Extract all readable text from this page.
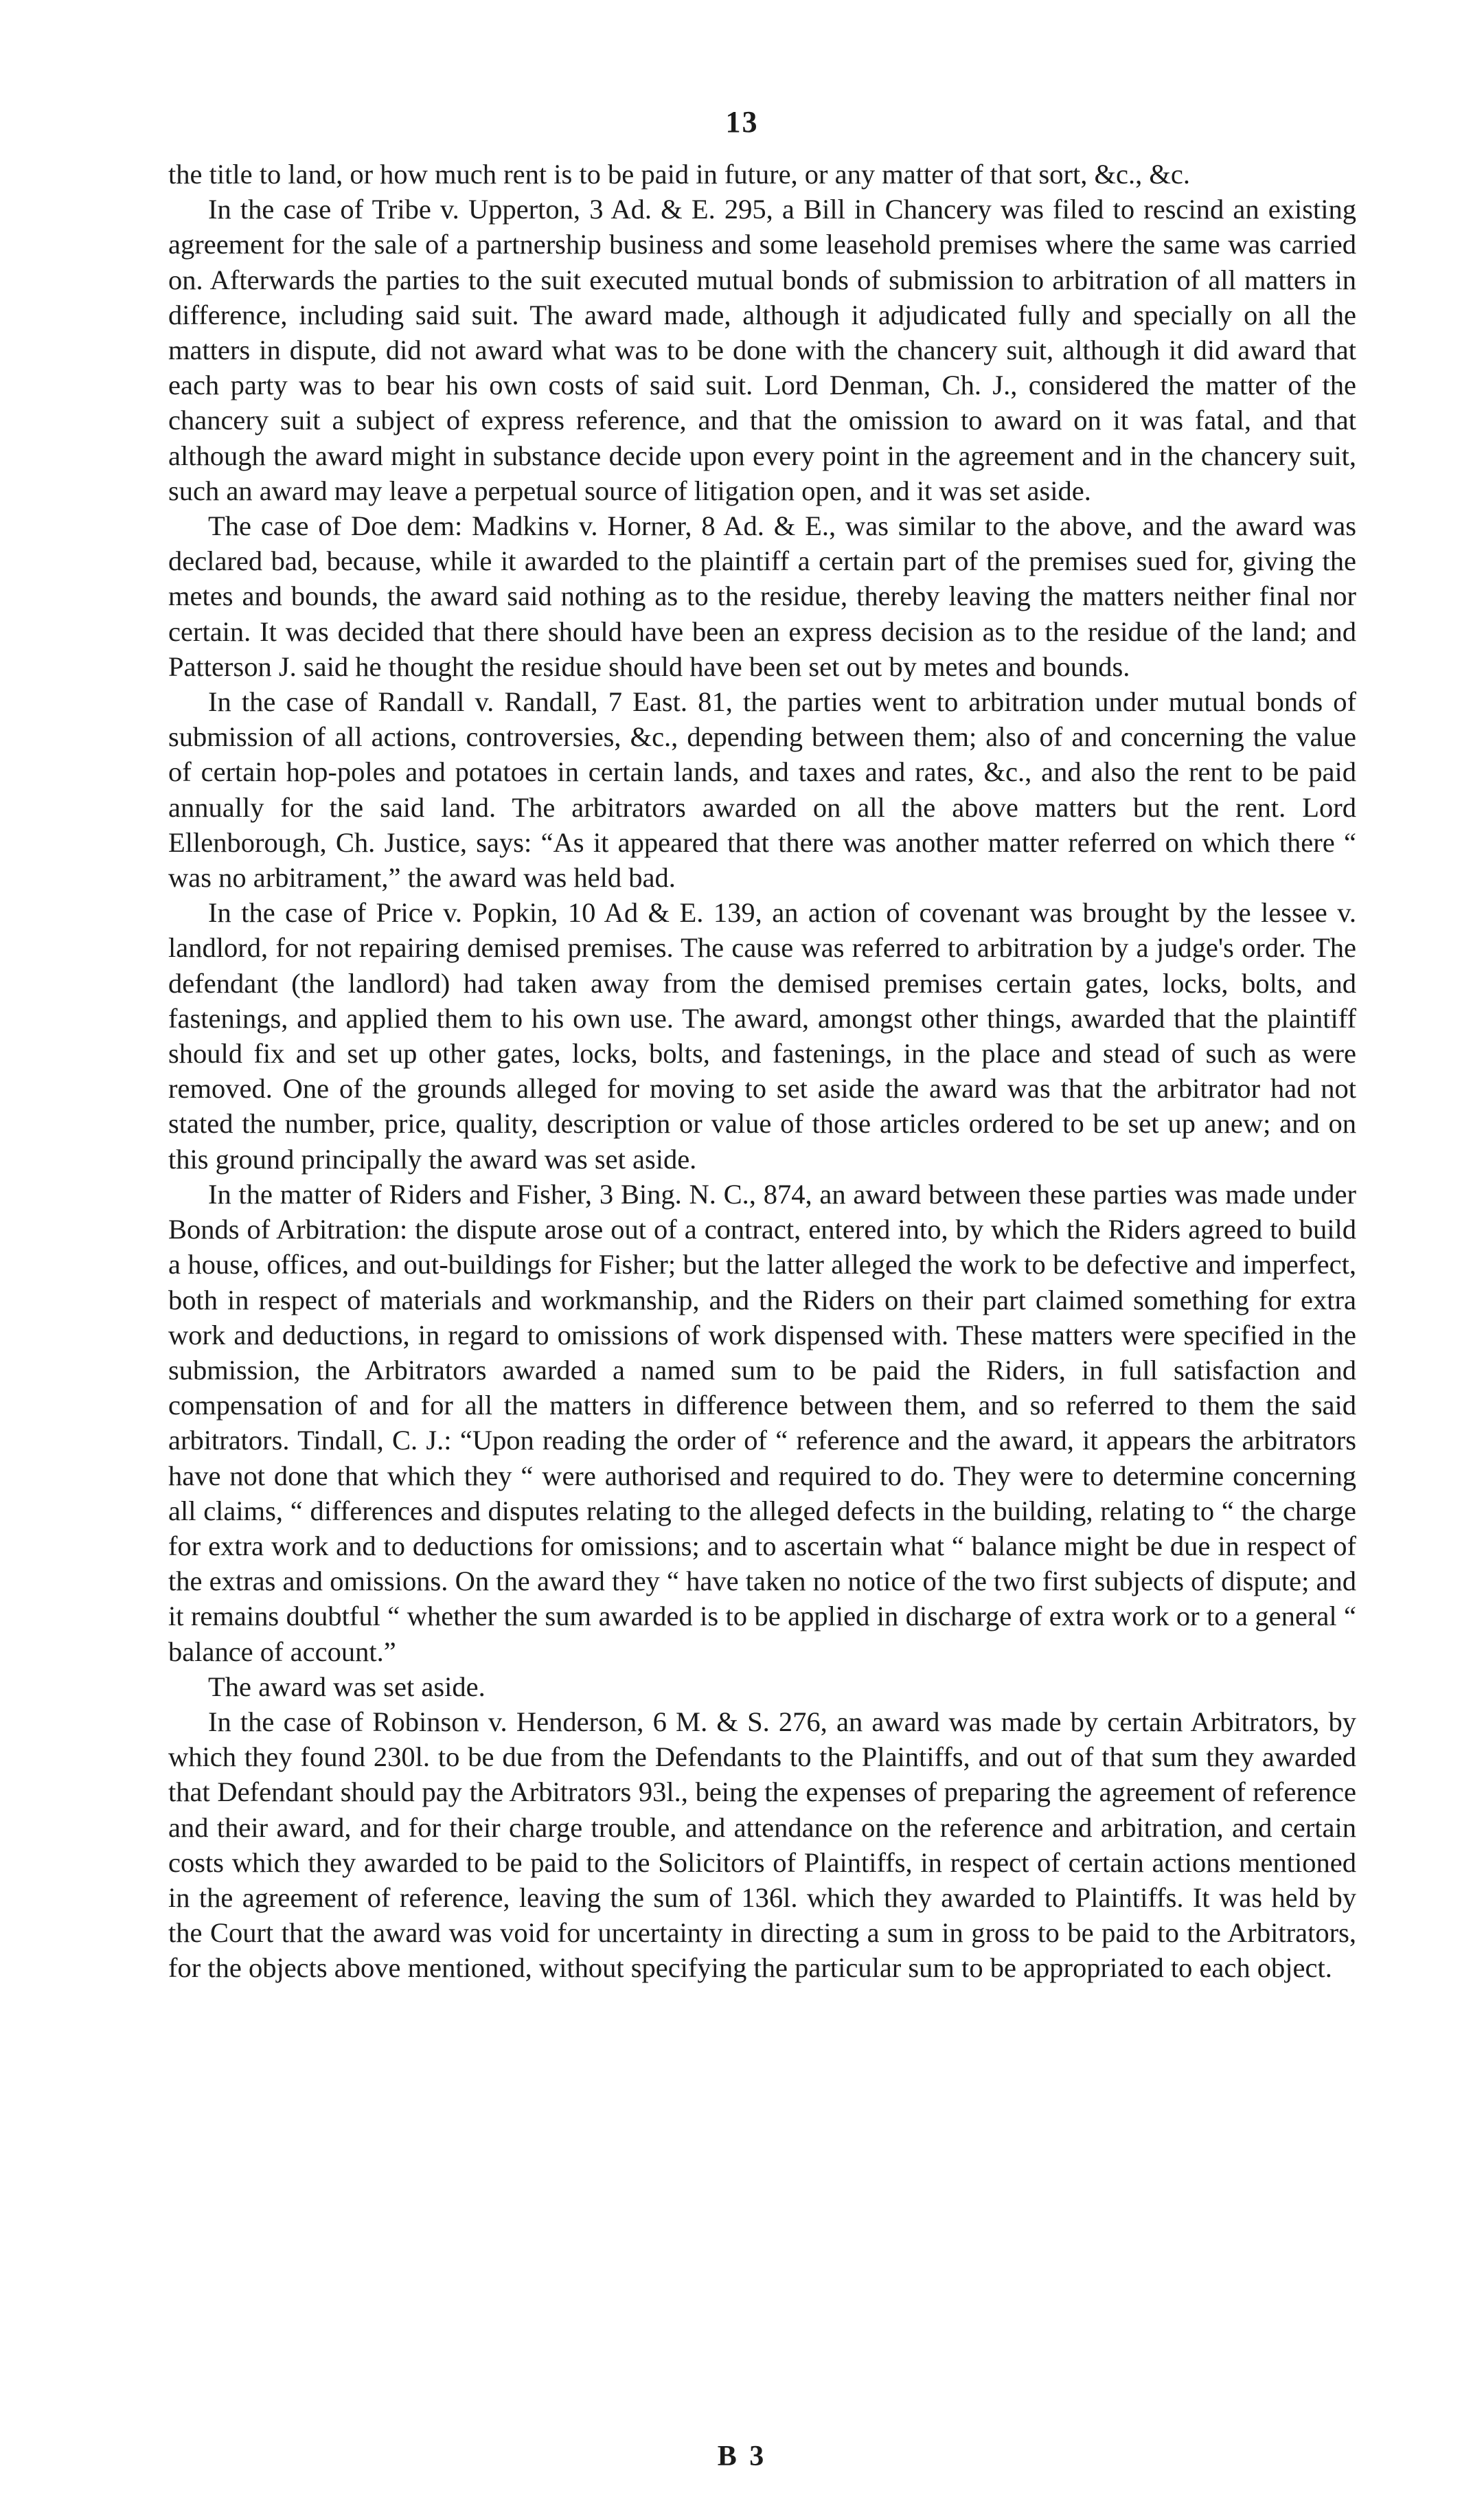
13

the title to land, or how much rent is to be paid in future, or any matter of that sort, &c., &c.

In the case of Tribe v. Upperton, 3 Ad. & E. 295, a Bill in Chancery was filed to rescind an existing agreement for the sale of a partnership business and some leasehold premises where the same was carried on. Afterwards the parties to the suit executed mutual bonds of submission to arbitration of all matters in difference, including said suit. The award made, although it adjudicated fully and specially on all the matters in dispute, did not award what was to be done with the chancery suit, although it did award that each party was to bear his own costs of said suit. Lord Denman, Ch. J., considered the matter of the chancery suit a subject of express reference, and that the omission to award on it was fatal, and that although the award might in substance decide upon every point in the agreement and in the chancery suit, such an award may leave a perpetual source of litigation open, and it was set aside.

The case of Doe dem: Madkins v. Horner, 8 Ad. & E., was similar to the above, and the award was declared bad, because, while it awarded to the plaintiff a certain part of the premises sued for, giving the metes and bounds, the award said nothing as to the residue, thereby leaving the matters neither final nor certain. It was decided that there should have been an express decision as to the residue of the land; and Patterson J. said he thought the residue should have been set out by metes and bounds.

In the case of Randall v. Randall, 7 East. 81, the parties went to arbitration under mutual bonds of submission of all actions, controversies, &c., depending between them; also of and concerning the value of certain hop-poles and potatoes in certain lands, and taxes and rates, &c., and also the rent to be paid annually for the said land. The arbitrators awarded on all the above matters but the rent. Lord Ellenborough, Ch. Justice, says: “As it appeared that there was another matter referred on which there “ was no arbitrament,” the award was held bad.

In the case of Price v. Popkin, 10 Ad & E. 139, an action of covenant was brought by the lessee v. landlord, for not repairing demised premises. The cause was referred to arbitration by a judge's order. The defendant (the landlord) had taken away from the demised premises certain gates, locks, bolts, and fastenings, and applied them to his own use. The award, amongst other things, awarded that the plaintiff should fix and set up other gates, locks, bolts, and fastenings, in the place and stead of such as were removed. One of the grounds alleged for moving to set aside the award was that the arbitrator had not stated the number, price, quality, description or value of those articles ordered to be set up anew; and on this ground principally the award was set aside.

In the matter of Riders and Fisher, 3 Bing. N. C., 874, an award between these parties was made under Bonds of Arbitration: the dispute arose out of a contract, entered into, by which the Riders agreed to build a house, offices, and out-buildings for Fisher; but the latter alleged the work to be defective and imperfect, both in respect of materials and workmanship, and the Riders on their part claimed something for extra work and deductions, in regard to omissions of work dispensed with. These matters were specified in the submission, the Arbitrators awarded a named sum to be paid the Riders, in full satisfaction and compensation of and for all the matters in difference between them, and so referred to them the said arbitrators. Tindall, C. J.: “Upon reading the order of “ reference and the award, it appears the arbitrators have not done that which they “ were authorised and required to do. They were to determine concerning all claims, “ differences and disputes relating to the alleged defects in the building, relating to “ the charge for extra work and to deductions for omissions; and to ascertain what “ balance might be due in respect of the extras and omissions. On the award they “ have taken no notice of the two first subjects of dispute; and it remains doubtful “ whether the sum awarded is to be applied in discharge of extra work or to a general “ balance of account.”

The award was set aside.

In the case of Robinson v. Henderson, 6 M. & S. 276, an award was made by certain Arbitrators, by which they found 230l. to be due from the Defendants to the Plaintiffs, and out of that sum they awarded that Defendant should pay the Arbitrators 93l., being the expenses of preparing the agreement of reference and their award, and for their charge trouble, and attendance on the reference and arbitration, and certain costs which they awarded to be paid to the Solicitors of Plaintiffs, in respect of certain actions mentioned in the agreement of reference, leaving the sum of 136l. which they awarded to Plaintiffs. It was held by the Court that the award was void for uncertainty in directing a sum in gross to be paid to the Arbitrators, for the objects above mentioned, without specifying the particular sum to be appropriated to each object.

B 3
